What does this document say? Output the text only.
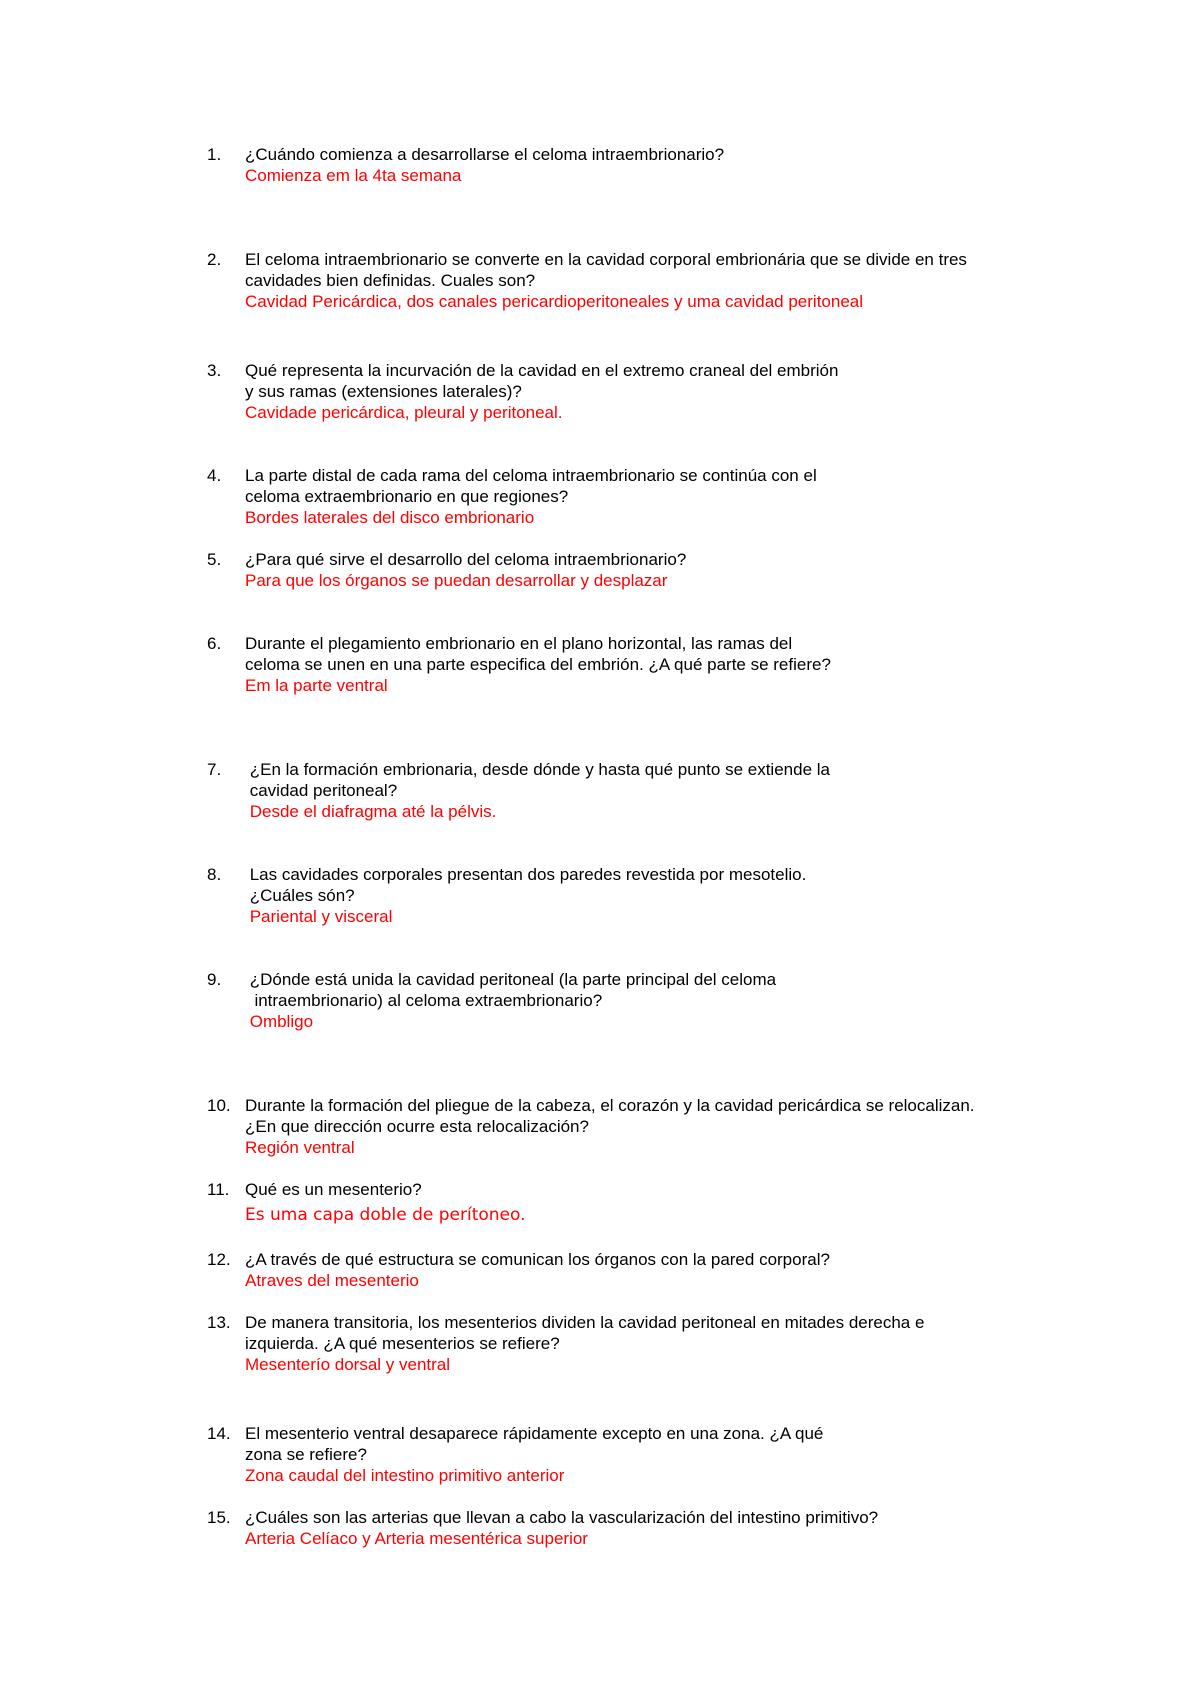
1. ¿Cuándo comienza a desarrollarse el celoma intraembrionario?
Comienza em la 4ta semana
2. El celoma intraembrionario se converte en la cavidad corporal embrionária que se divide en tres
cavidades bien definidas. Cuales son?
Cavidad Pericárdica, dos canales pericardioperitoneales y uma cavidad peritoneal
3. Qué representa la incurvación de la cavidad en el extremo craneal del embrión
y sus ramas (extensiones laterales)?
Cavidade pericárdica, pleural y peritoneal.
4. La parte distal de cada rama del celoma intraembrionario se continúa con el
celoma extraembrionario en que regiones?
Bordes laterales del disco embrionario
5. ¿Para qué sirve el desarrollo del celoma intraembrionario?
Para que los órganos se puedan desarrollar y desplazar
6. Durante el plegamiento embrionario en el plano horizontal, las ramas del
celoma se unen en una parte especifica del embrión. ¿A qué parte se refiere?
Em la parte ventral
7. ¿En la formación embrionaria, desde dónde y hasta qué punto se extiende la
cavidad peritoneal?
Desde el diafragma até la pélvis.
8. Las cavidades corporales presentan dos paredes revestida por mesotelio.
¿Cuáles són?
Pariental y visceral
9. ¿Dónde está unida la cavidad peritoneal (la parte principal del celoma
intraembrionario) al celoma extraembrionario?
Ombligo
10. Durante la formación del pliegue de la cabeza, el corazón y la cavidad pericárdica se relocalizan.
¿En que dirección ocurre esta relocalización?
Región ventral
11. Qué es un mesenterio?
Es uma capa doble de perítoneo.
12. ¿A través de qué estructura se comunican los órganos con la pared corporal?
Atraves del mesenterio
13. De manera transitoria, los mesenterios dividen la cavidad peritoneal en mitades derecha e
izquierda. ¿A qué mesenterios se refiere?
Mesenterío dorsal y ventral
14. El mesenterio ventral desaparece rápidamente excepto en una zona. ¿A qué
zona se refiere?
Zona caudal del intestino primitivo anterior
15. ¿Cuáles son las arterias que llevan a cabo la vascularización del intestino primitivo?
Arteria Celíaco y Arteria mesentérica superior
